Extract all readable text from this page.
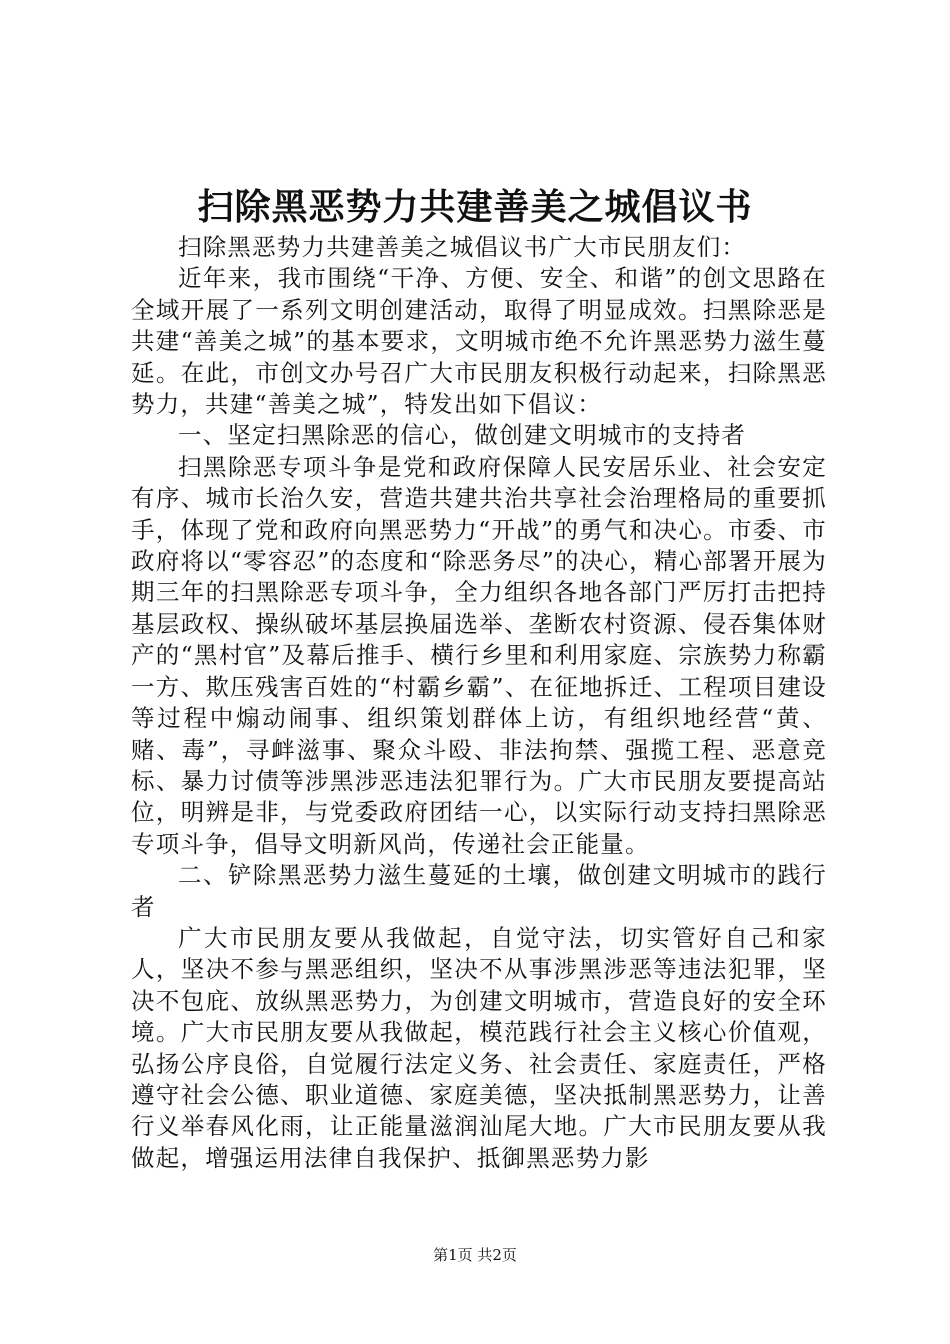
扫除黑恶势力共建善美之城倡议书

扫除黑恶势力共建善美之城倡议书广大市民朋友们：

近年来，我市围绕“干净、方便、安全、和谐”的创文思路在全域开展了一系列文明创建活动，取得了明显成效。扫黑除恶是共建“善美之城”的基本要求，文明城市绝不允许黑恶势力滋生蔓延。在此，市创文办号召广大市民朋友积极行动起来，扫除黑恶势力，共建“善美之城”，特发出如下倡议：

一、坚定扫黑除恶的信心，做创建文明城市的支持者

扫黑除恶专项斗争是党和政府保障人民安居乐业、社会安定有序、城市长治久安，营造共建共治共享社会治理格局的重要抓手，体现了党和政府向黑恶势力“开战”的勇气和决心。市委、市政府将以“零容忍”的态度和“除恶务尽”的决心，精心部署开展为期三年的扫黑除恶专项斗争，全力组织各地各部门严厉打击把持基层政权、操纵破坏基层换届选举、垄断农村资源、侵吞集体财产的“黑村官”及幕后推手、横行乡里和利用家庭、宗族势力称霸一方、欺压残害百姓的“村霸乡霸”、在征地拆迁、工程项目建设等过程中煽动闹事、组织策划群体上访，有组织地经营“黄、赌、毒”，寻衅滋事、聚众斗殴、非法拘禁、强揽工程、恶意竞标、暴力讨债等涉黑涉恶违法犯罪行为。广大市民朋友要提高站位，明辨是非，与党委政府团结一心，以实际行动支持扫黑除恶专项斗争，倡导文明新风尚，传递社会正能量。

二、铲除黑恶势力滋生蔓延的土壤，做创建文明城市的践行者

广大市民朋友要从我做起，自觉守法，切实管好自己和家人，坚决不参与黑恶组织，坚决不从事涉黑涉恶等违法犯罪，坚决不包庇、放纵黑恶势力，为创建文明城市，营造良好的安全环境。广大市民朋友要从我做起，模范践行社会主义核心价值观，弘扬公序良俗，自觉履行法定义务、社会责任、家庭责任，严格遵守社会公德、职业道德、家庭美德，坚决抵制黑恶势力，让善行义举春风化雨，让正能量滋润汕尾大地。广大市民朋友要从我做起，增强运用法律自我保护、抵御黑恶势力影

第1页 共2页
